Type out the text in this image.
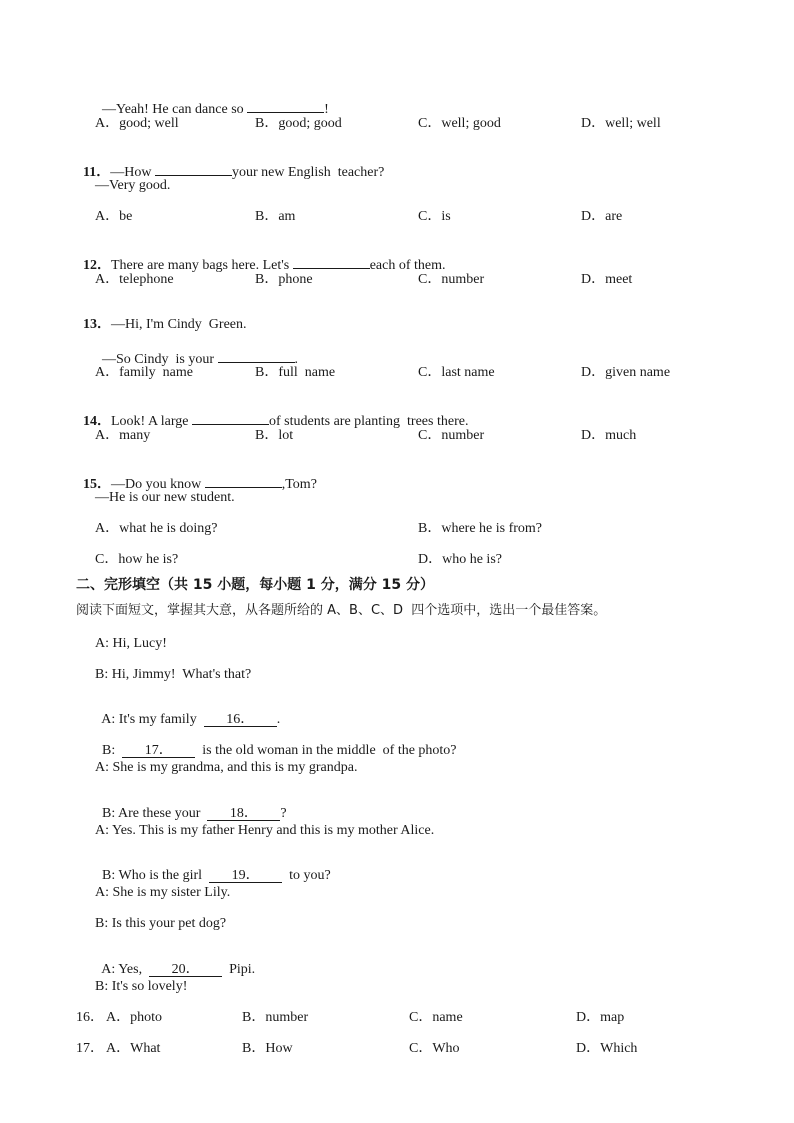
—Yeah! He can dance so	!

A．good; well	B．good; good	C．well; good	D．well; well

11．—How	your new English  teacher?

—Very good.
A．be	B．am	C．is	D．are

12．There are many bags here. Let's	each of them.

A．telephone	B．phone	C．number	D．meet

13．—Hi, I'm Cindy  Green.

—So Cindy  is your	.

A．family  name	B．full  name	C．last name	D．given name

14．Look! A large	of students are planting  trees there.

A．many	B．lot	C．number	D．much

15．—Do you know	,Tom?

—He is our new student.
A．what he is doing?	B．where he is from?
C．how he is?	D．who he is?
二、完形填空（共 15 小题，每小题 1 分，满分 15 分）
阅读下面短文，掌握其大意，从各题所给的 A、B、C、D  四个选项中，选出一个最佳答案。
A: Hi, Lucy!
B: Hi, Jimmy!  What's that?

A: It's my family  16． .

B:  17．  is the old woman in the middle  of the photo?

A: She is my grandma, and this is my grandpa.

B: Are these your  18． ?

A: Yes. This is my father Henry and this is my mother Alice.

B: Who is the girl  19．  to you?

A: She is my sister Lily.
B: Is this your pet dog?

A: Yes,  20．  Pipi.

B: It's so lovely!
16． A．photo	B．number	C．name	D．map
17． A．What	B．How	C．Who	D．Which
